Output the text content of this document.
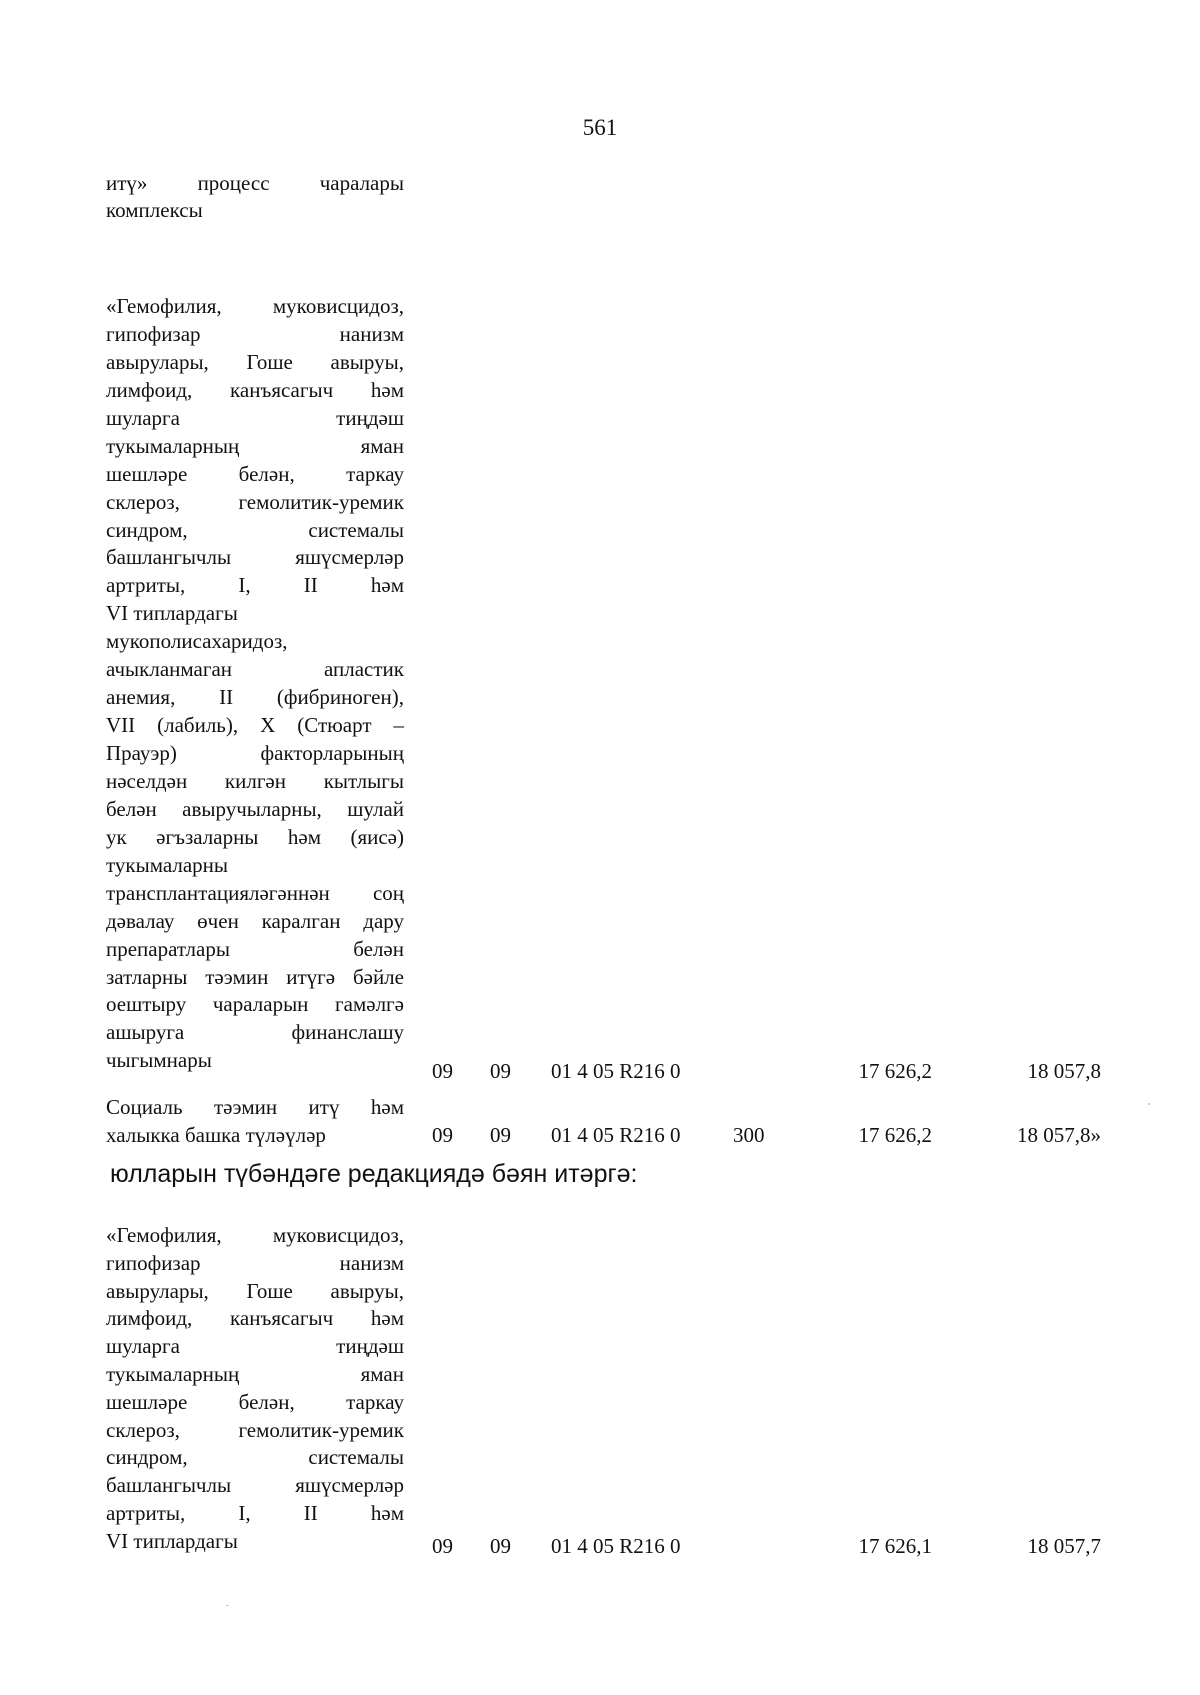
561
итү» процесс чаралары
комплексы
«Гемофилия, муковисцидоз,
гипофизар нанизм
авырулары, Гоше авыруы,
лимфоид, канъясагыч һәм
шуларга тиңдәш
тукымаларның яман
шешләре белән, таркау
склероз, гемолитик-уремик
синдром, системалы
башлангычлы яшүсмерләр
артриты, I, II һәм
VI типлардагы
мукополисахаридоз,
ачыкланмаган апластик
анемия, II (фибриноген),
VII (лабиль), X (Стюарт –
Прауэр) факторларының
нәселдән килгән кытлыгы
белән авыручыларны, шулай
ук әгъзаларны һәм (яисә)
тукымаларны
трансплантацияләгәннән соң
дәвалау өчен каралган дару
препаратлары белән
затларны тәэмин итүгә бәйле
оештыру чараларын гамәлгә
ашыруга финанслашу
чыгымнары	09 09 01 4 05 R216 0	17 626,2	18 057,8
Социаль тәэмин итү һәм
халыкка башка түләүләр	09 09 01 4 05 R216 0 300	17 626,2	18 057,8»
юлларын түбәндәге редакциядә бәян итәргә:
«Гемофилия, муковисцидоз,
гипофизар нанизм
авырулары, Гоше авыруы,
лимфоид, канъясагыч һәм
шуларга тиңдәш
тукымаларның яман
шешләре белән, таркау
склероз, гемолитик-уремик
синдром, системалы
башлангычлы яшүсмерләр
артриты, I, II һәм
VI типлардагы	09 09 01 4 05 R216 0	17 626,1	18 057,7
